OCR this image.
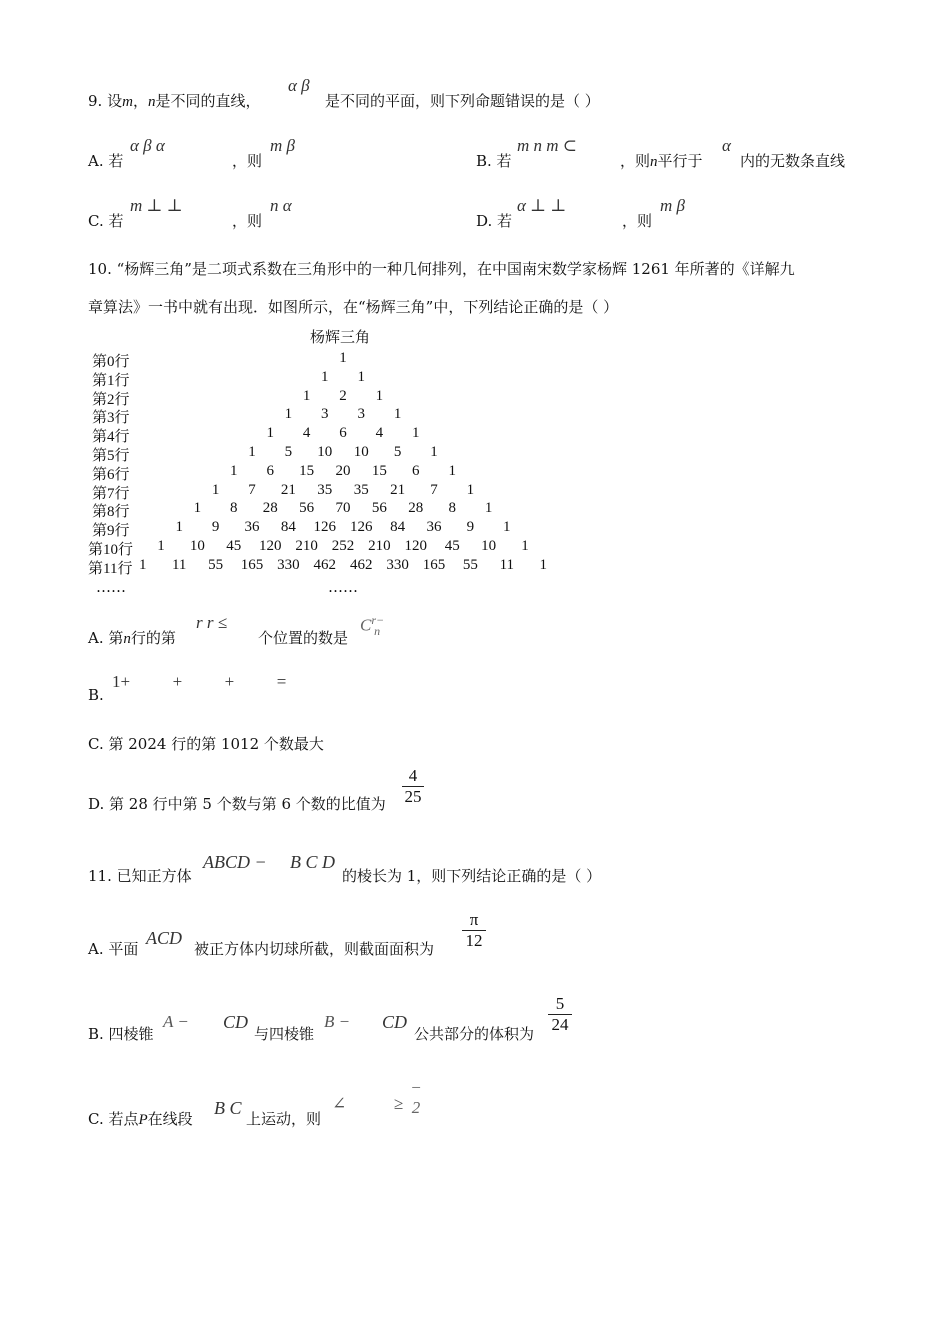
9. 设m，n是不同的直线，
α β
是不同的平面，则下列命题错误的是（ ）
A. 若
α β α
，则
m β
B. 若
m n m ⊂
，则n平行于
α
内的无数条直线
C. 若
m ⊥ ⊥
，则
n α
D. 若
α ⊥ ⊥
，则
m β
10. “杨辉三角”是二项式系数在三角形中的一种几何排列，在中国南宋数学家杨辉 1261 年所著的《详解九
章算法》一书中就有出现．如图所示，在“杨辉三角”中，下列结论正确的是（ ）
杨辉三角
第0行	1
第1行	1	1
第2行	1	2	1
第3行	1	3	3	1
第4行	1	4	6	4	1
第5行	1	5	10	10	5	1
第6行	1	6	15	20	15	6	1
第7行	1	7	21	35	35	21	7	1
第8行	1	8	28	56	70	56	28	8	1
第9行	1	9	36	84	126 126	84	36	9	1
第10行	1	10	45	120 210 252 210 120	45	10	1
第11行 1	11	55	165 330 462 462 330 165	55	11	1
……	……
A. 第n行的第
r r ≤
个位置的数是
$C^{r-}_n$
B.
1+          +          +          =
C. 第 2024 行的第 1012 个数最大
D. 第 28 行中第 5 个数与第 6 个数的比值为
4
25
11. 已知正方体
ABCD − B C D
的棱长为 1，则下列结论正确的是（ ）
A. 平面
ACD
被正方体内切球所截，则截面面积为
π
12
B. 四棱锥
A − CD
与四棱锥
B − CD
公共部分的体积为
5
24
C. 若点P在线段
B C
上运动，则
∠	≥
−
2
